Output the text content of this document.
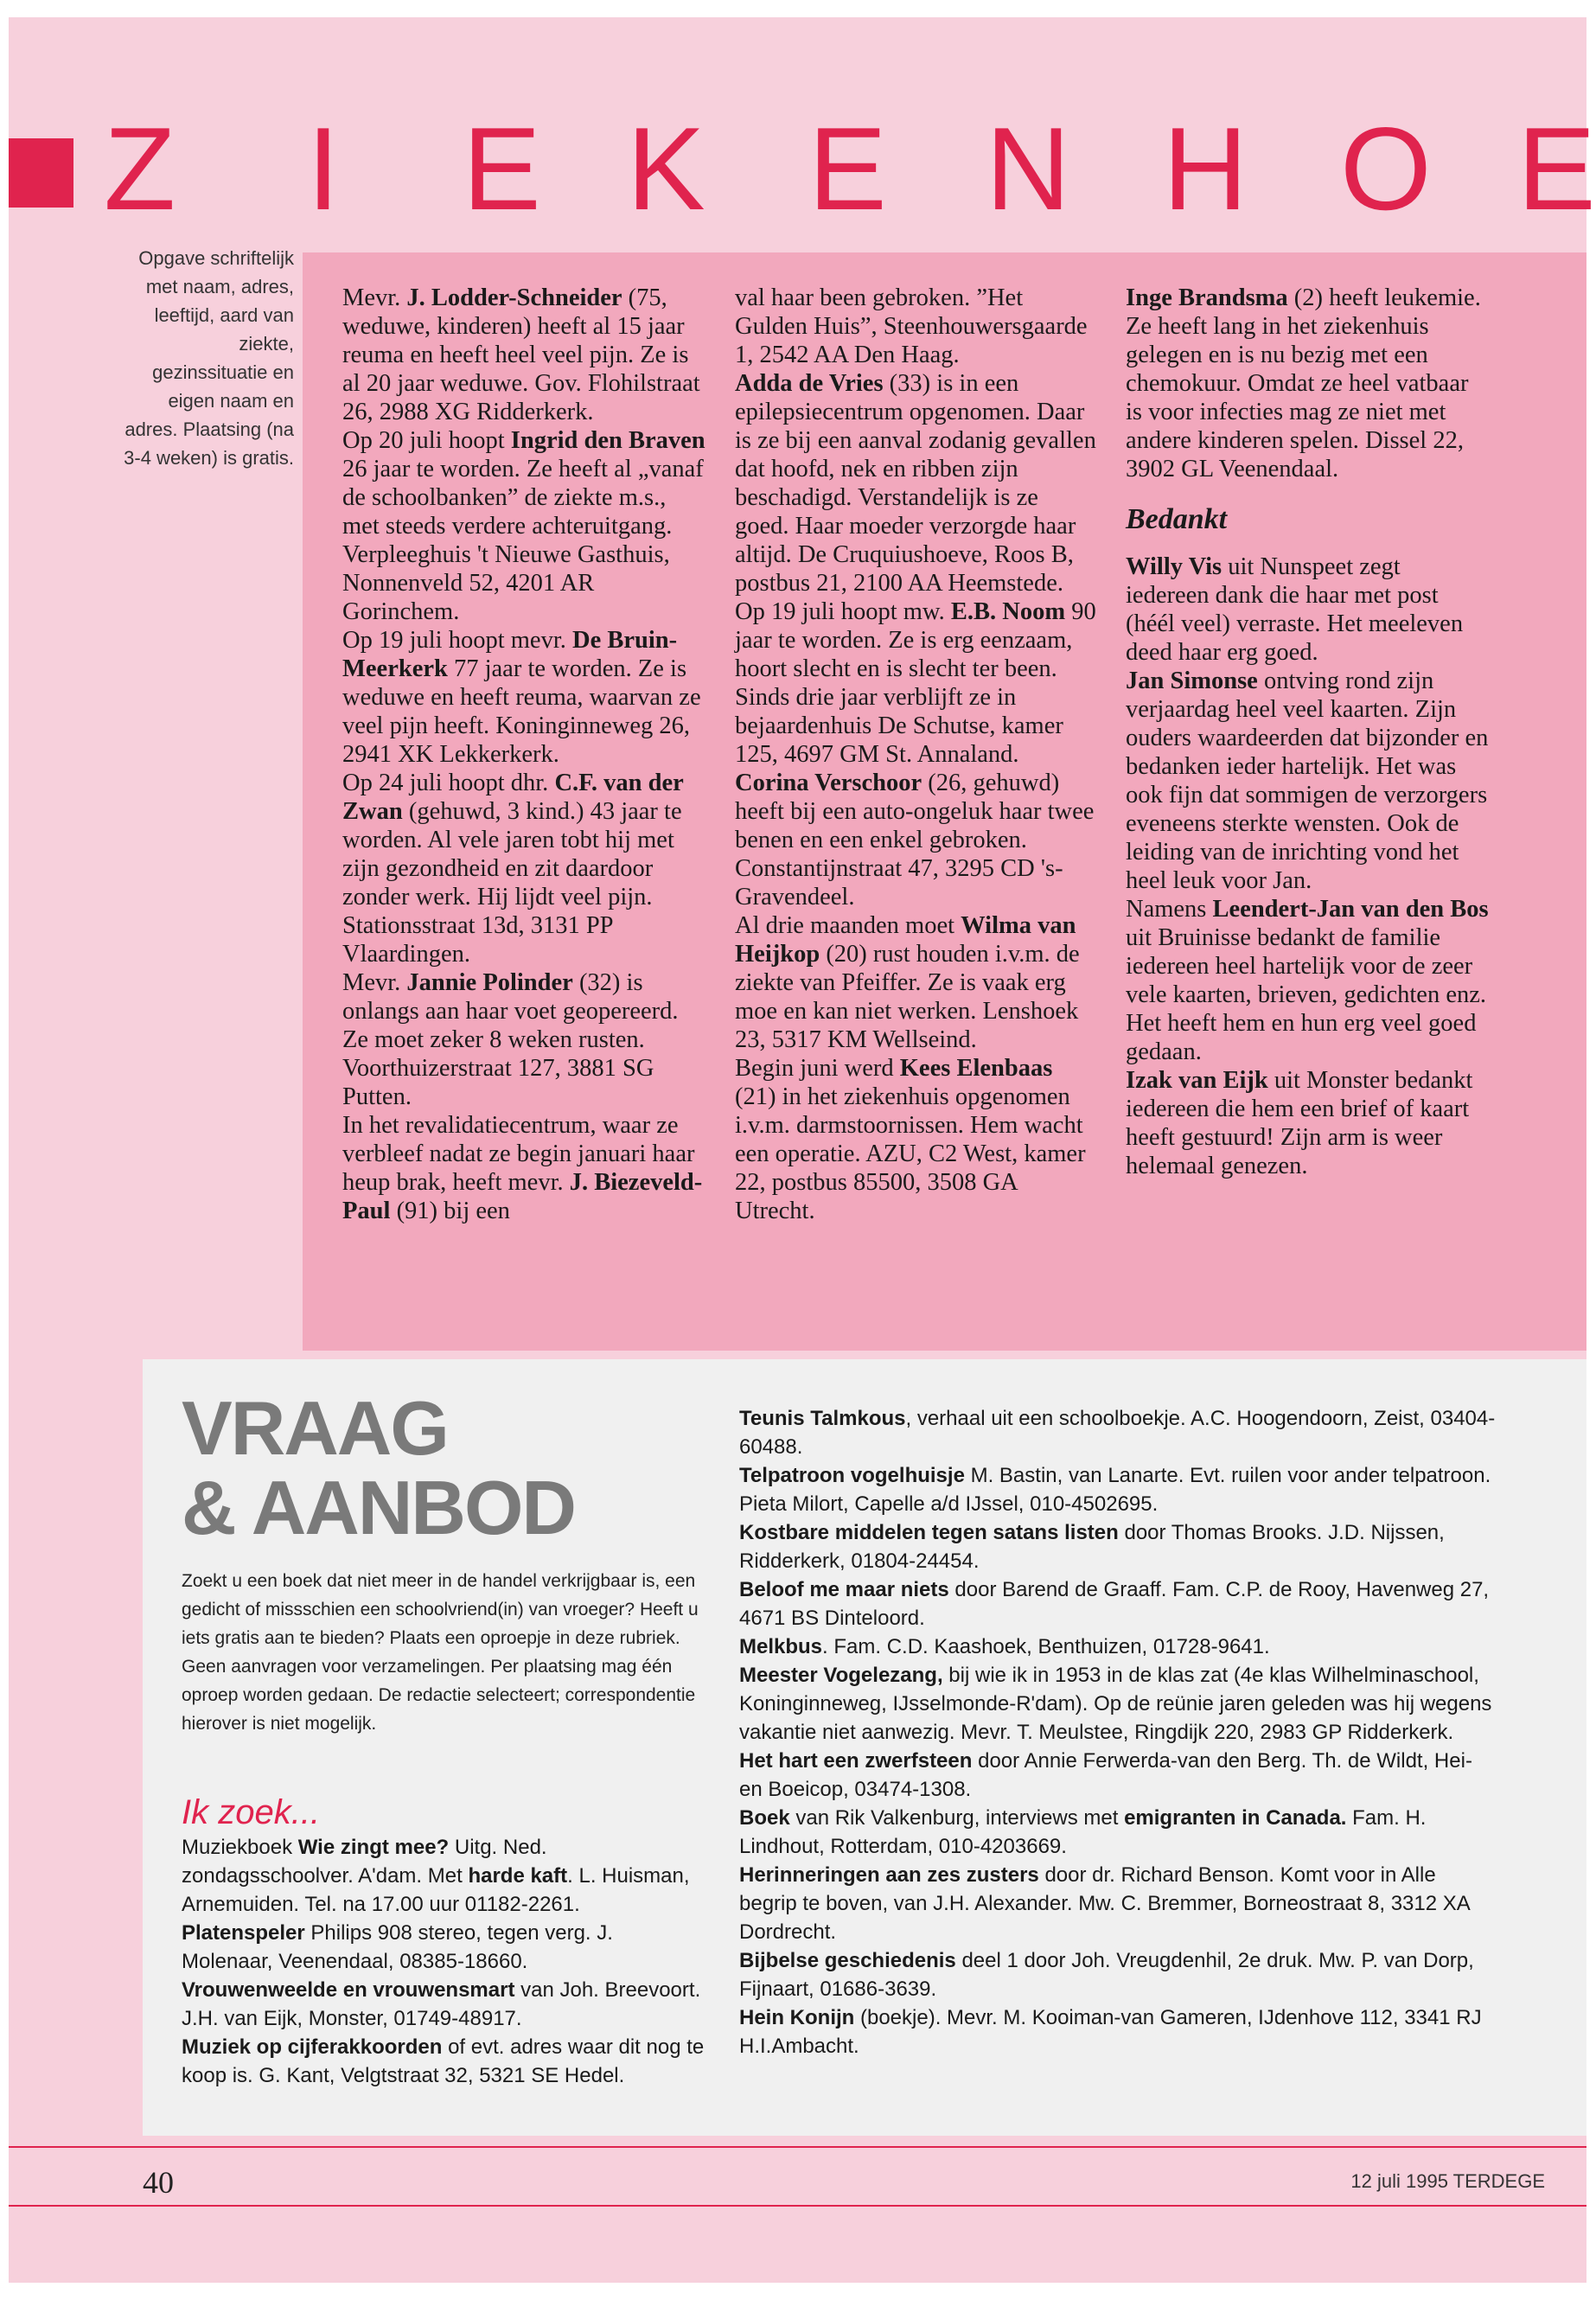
Z I E K E N H O E
Opgave schriftelijk met naam, adres, leeftijd, aard van ziekte, gezinssituatie en eigen naam en adres. Plaatsing (na 3-4 weken) is gratis.

Mevr. J. Lodder-Schneider (75, weduwe, kinderen) heeft al 15 jaar reuma en heeft heel veel pijn. Ze is al 20 jaar weduwe. Gov. Flohilstraat 26, 2988 XG Ridderkerk.

Op 20 juli hoopt Ingrid den Braven 26 jaar te worden. Ze heeft al „vanaf de schoolbanken” de ziekte m.s., met steeds verdere achteruitgang. Verpleeghuis 't Nieuwe Gasthuis, Nonnenveld 52, 4201 AR Gorinchem.

Op 19 juli hoopt mevr. De Bruin-Meerkerk 77 jaar te worden. Ze is weduwe en heeft reuma, waarvan ze veel pijn heeft. Koninginneweg 26, 2941 XK Lekkerkerk.

Op 24 juli hoopt dhr. C.F. van der Zwan (gehuwd, 3 kind.) 43 jaar te worden. Al vele jaren tobt hij met zijn gezondheid en zit daardoor zonder werk. Hij lijdt veel pijn. Stationsstraat 13d, 3131 PP Vlaardingen.

Mevr. Jannie Polinder (32) is onlangs aan haar voet geopereerd. Ze moet zeker 8 weken rusten. Voorthuizerstraat 127, 3881 SG Putten.

In het revalidatiecentrum, waar ze verbleef nadat ze begin januari haar heup brak, heeft mevr. J. Biezeveld-Paul (91) bij een

val haar been gebroken. ”Het Gulden Huis”, Steenhouwersgaarde 1, 2542 AA Den Haag.

Adda de Vries (33) is in een epilepsiecentrum opgenomen. Daar is ze bij een aanval zodanig gevallen dat hoofd, nek en ribben zijn beschadigd. Verstandelijk is ze goed. Haar moeder verzorgde haar altijd. De Cruquiushoeve, Roos B, postbus 21, 2100 AA Heemstede.

Op 19 juli hoopt mw. E.B. Noom 90 jaar te worden. Ze is erg eenzaam, hoort slecht en is slecht ter been. Sinds drie jaar verblijft ze in bejaardenhuis De Schutse, kamer 125, 4697 GM St. Annaland.

Corina Verschoor (26, gehuwd) heeft bij een auto-ongeluk haar twee benen en een enkel gebroken. Constantijnstraat 47, 3295 CD 's-Gravendeel.

Al drie maanden moet Wilma van Heijkop (20) rust houden i.v.m. de ziekte van Pfeiffer. Ze is vaak erg moe en kan niet werken. Lenshoek 23, 5317 KM Wellseind.

Begin juni werd Kees Elenbaas (21) in het ziekenhuis opgenomen i.v.m. darmstoornissen. Hem wacht een operatie. AZU, C2 West, kamer 22, postbus 85500, 3508 GA Utrecht.

Inge Brandsma (2) heeft leukemie. Ze heeft lang in het ziekenhuis gelegen en is nu bezig met een chemokuur. Omdat ze heel vatbaar is voor infecties mag ze niet met andere kinderen spelen. Dissel 22, 3902 GL Veenendaal.

Bedankt

Willy Vis uit Nunspeet zegt iedereen dank die haar met post (héél veel) verraste. Het meeleven deed haar erg goed.

Jan Simonse ontving rond zijn verjaardag heel veel kaarten. Zijn ouders waardeerden dat bijzonder en bedanken ieder hartelijk. Het was ook fijn dat sommigen de verzorgers eveneens sterkte wensten. Ook de leiding van de inrichting vond het heel leuk voor Jan.

Namens Leendert-Jan van den Bos uit Bruinisse bedankt de familie iedereen heel hartelijk voor de zeer vele kaarten, brieven, gedichten enz. Het heeft hem en hun erg veel goed gedaan.

Izak van Eijk uit Monster bedankt iedereen die hem een brief of kaart heeft gestuurd! Zijn arm is weer helemaal genezen.

VRAAG
& AANBOD
Zoekt u een boek dat niet meer in de handel verkrijgbaar is, een gedicht of missschien een schoolvriend(in) van vroeger? Heeft u iets gratis aan te bieden? Plaats een oproepje in deze rubriek. Geen aanvragen voor verzamelingen. Per plaatsing mag één oproep worden gedaan. De redactie selecteert; correspondentie hierover is niet mogelijk.
Ik zoek...

Muziekboek Wie zingt mee? Uitg. Ned. zondagsschoolver. A'dam. Met harde kaft. L. Huisman, Arnemuiden. Tel. na 17.00 uur 01182-2261.

Platenspeler Philips 908 stereo, tegen verg. J. Molenaar, Veenendaal, 08385-18660.

Vrouwenweelde en vrouwensmart van Joh. Breevoort. J.H. van Eijk, Monster, 01749-48917.

Muziek op cijferakkoorden of evt. adres waar dit nog te koop is. G. Kant, Velgtstraat 32, 5321 SE Hedel.

Teunis Talmkous, verhaal uit een schoolboekje. A.C. Hoogendoorn, Zeist, 03404-60488.

Telpatroon vogelhuisje M. Bastin, van Lanarte. Evt. ruilen voor ander telpatroon. Pieta Milort, Capelle a/d IJssel, 010-4502695.

Kostbare middelen tegen satans listen door Thomas Brooks. J.D. Nijssen, Ridderkerk, 01804-24454.

Beloof me maar niets door Barend de Graaff. Fam. C.P. de Rooy, Havenweg 27, 4671 BS Dinteloord.

Melkbus. Fam. C.D. Kaashoek, Benthuizen, 01728-9641.

Meester Vogelezang, bij wie ik in 1953 in de klas zat (4e klas Wilhelminaschool, Koninginneweg, IJsselmonde-R'dam). Op de reünie jaren geleden was hij wegens vakantie niet aanwezig. Mevr. T. Meulstee, Ringdijk 220, 2983 GP Ridderkerk.

Het hart een zwerfsteen door Annie Ferwerda-van den Berg. Th. de Wildt, Hei- en Boeicop, 03474-1308.

Boek van Rik Valkenburg, interviews met emigranten in Canada. Fam. H. Lindhout, Rotterdam, 010-4203669.

Herinneringen aan zes zusters door dr. Richard Benson. Komt voor in Alle begrip te boven, van J.H. Alexander. Mw. C. Bremmer, Borneostraat 8, 3312 XA Dordrecht.

Bijbelse geschiedenis deel 1 door Joh. Vreugdenhil, 2e druk. Mw. P. van Dorp, Fijnaart, 01686-3639.

Hein Konijn (boekje). Mevr. M. Kooiman-van Gameren, IJdenhove 112, 3341 RJ H.I.Ambacht.

40	12 juli 1995 TERDEGE
